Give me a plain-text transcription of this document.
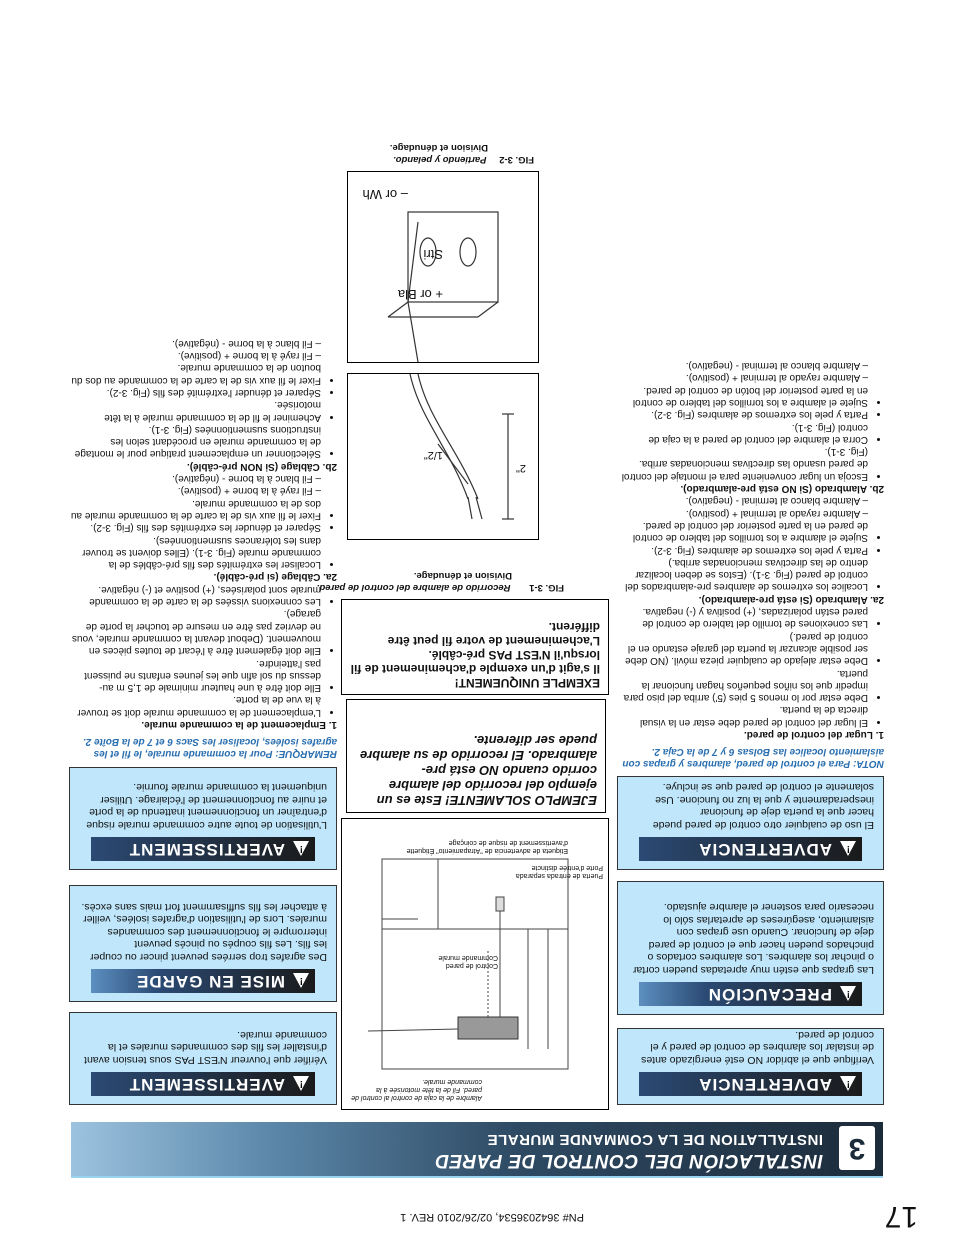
17
PN# 3642036534, 02/26/2010 REV. 1
3
INSTALACIÓN DEL CONTROL DE PARED
INSTALLATION DE LA COMMANDE MURALE
!
ADVERTENCIA
Verifique que el abridor NO esté energizado antes de instalar los alambres de control de pared y el control de pared.
!
PRECAUCIÓN
Las grapas que estén muy apretadas pueden cortar o pinchar los alambres. Los alambres cortados o pinchados pueden hacer que el control de pared deje de funcionar. Cuando use grapas con aislamiento, asegúreses de apretarlas sólo lo necesario para sostener el alambre ajustado.
!
ADVERTENCIA
El uso de cualquier otro control de pared puede hacer que la puerta deje de funcionar inesperadamente y que la luz no funcione. Use solamente el control de pared que se incluye.

NOTA: Para el control de pared, alambres y grapas con aislamiento localice las Bolsas 6 y 7 de la Caja 2.

1. Lugar del control de pared.

• El lugar del control de pared debe estar en la visual directa de la puerta.
• Debe estar por lo menos 5 pies (5') arriba del piso para impedir que los niños pequeños hagan funcionar la puerta.
• Debe estar alejado de cualquier pieza móvil. (NO debe ser posible alcanzar la puerta del garaje estando en el control de pared.)
• Las conexiones de tornillo del tablero de control de pared están polarizadas, (+) positiva y (-) negativa.

2a. Alambrado (Si está pre-alambrado).

• Localice los extremos de alambres pre-alambrados del control de pared (Fig. 3-1). (Estos se deben localizar dentro de las directivas mencionadas arriba.)
• Parta y pele los extremos de alambres (Fig. 3-2).
• Sujete el alambre a los tornillos del tablero de control de pared en la parte posterior del control de pared.

– Alambre rayado al terminal + (positivo).

– Alambre blanco al terminal - (negativo).

2b. Alambrado (Si NO está pre-alambrado).

• Escoja un lugar conveniente para el montaje del control de pared usando las directivas mencionadas arriba. (Fig. 3-1).
• Corra el alambre del control de pared a la caja de control (Fig. 3-1).
• Parta y pele los extremos de alambres (Fig. 3-2).
• Sujete el alambre a los tornillos del tablero de control en la parte posterior del botón de control de pared.

– Alambre rayado al terminal + (positivo).

– Alambre blanco al terminal - (negativo).

Alambre de la caja de control al control de pared. Fil de la tête motorisée à la commande murale.
Control de pared Commande murale
Etiqueta de advertencia de "Atrapamiento" Étiquette d'avertissement de risque de coinçage
Puerta de entrada separada Porte d'entrée distincte
EJEMPLO SOLAMENTE! Este es un ejemplo del recorrido del alambre corrido cuando NO está pre-alambrado. El recorrido de su alambre puede ser diferente.
EXEMPLE UNIQUEMENT!
Il s'agit d'un exemple d'acheminement de fil lorsqu'il N'EST PAS pré-câblé. L'acheminement de votre fil peut être différent.
FIG. 3-1 Recorrido de alambre del control de pared.
Division et dénudage.
2"
1/2"
+ or Bla
Stri
– or Wh
FIG. 3-2 Partiendo y pelando.
Division et dénudage.
!
AVERTISSEMENT
Vérifier que l'ouvreur N'EST PAS sous tension avant d'installer les fils des commandes murales et la commande murale.
!
MISE EN GARDE
Des agrafes trop serrées peuvent pincer ou couper les fils. Les fils coupés ou pincés peuvent interrompre le fonctionnement des commandes murales. Lors de l'utilisation d'agrafes isolées, veiller à attacher les fils suffisamment fort mais sans excès.
!
AVERTISSEMENT
L'utilisation de toute autre commande murale risque d'entraîner un fonctionnement inattendu de la porte et nuire au fonctionnement de l'éclairage. Utiliser uniquement la commande murale fournie.

REMARQUE: Pour la commande murale, le fil et les agrafes isolées, localiser les Sacs 6 et 7 de la Boîte 2.

1. Emplacement de la commande murale.

• L'emplacement de la commande murale doit se trouver à la vue de la porte.
• Elle doit être à une hauteur minimale de 1,5 m au-dessus du sol afin que les jeunes enfants ne puissent pas l'atteindre.
• Elle doit également être à l'écart de toutes pièces en mouvement. (Debout devant la commande murale, vous ne devriez pas être en mesure de toucher la porte de garage).
• Les connexions vissées de la carte de la commande murale sont polarisées, (+) positive et (-) négative.

2a. Câblage (si pré-câblé).

• Localiser les extrémités des fils pré-câblés de la commande murale (Fig. 3-1). (Elles doivent se trouver dans les tolérances susmentionnées).
• Séparer et dénuder les extrémités des fils (Fig. 3-2).
• Fixer le fil aux vis de la carte de la commande murale au dos de la commande murale.

– Fil rayé à la borne + (positive).

– Fil blanc à la borne - (négative).

2b. Câblage (Si NON pré-câblé).

• Sélectionner un emplacement pratique pour le montage de la commande murale en procédant selon les instructions susmentionnées (Fig. 3-1).
• Acheminer le fil de la commande murale à la tête motorisée.
• Séparer et dénuder l'extrémité des fils (Fig. 3-2).
• Fixer le fil aux vis de la carte de la commande au dos du bouton de la commande murale.

– Fil rayé à la borne + (positive).

– Fil blanc à la borne - (négative).
